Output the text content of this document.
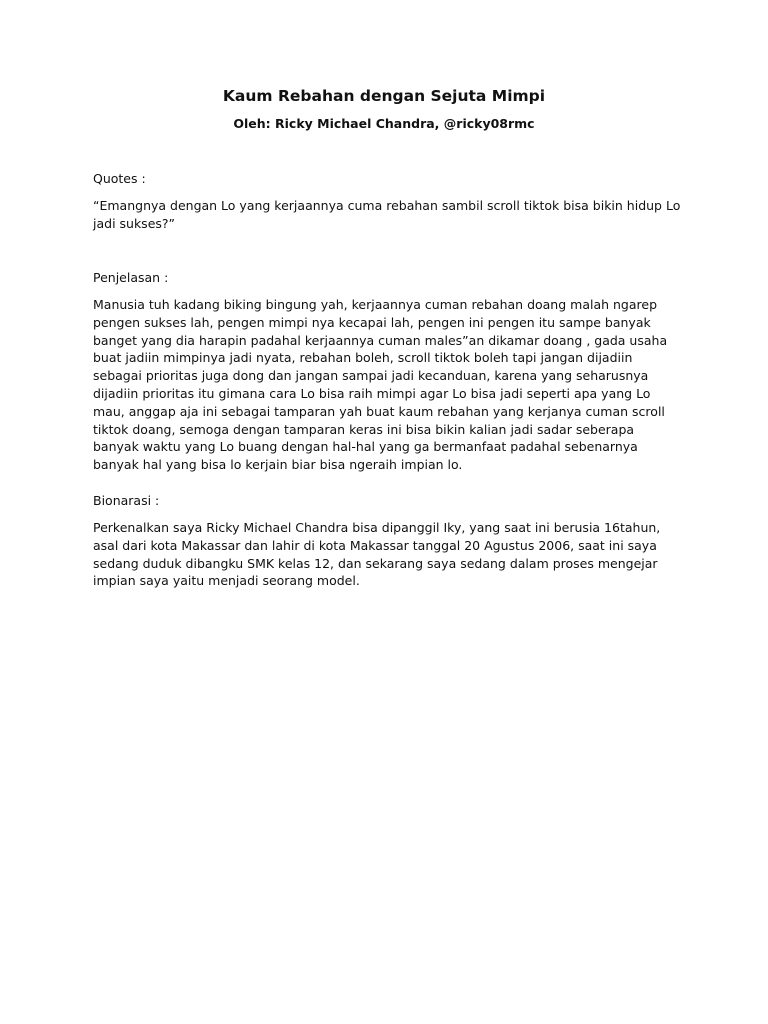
Kaum Rebahan dengan Sejuta Mimpi
Oleh: Ricky Michael Chandra, @ricky08rmc
Quotes :
“Emangnya dengan Lo yang kerjaannya cuma rebahan sambil scroll tiktok bisa bikin hidup Lo jadi sukses?”
Penjelasan :
Manusia tuh kadang biking bingung yah, kerjaannya cuman rebahan doang malah ngarep pengen sukses lah, pengen mimpi nya kecapai lah, pengen ini pengen itu sampe banyak banget yang dia harapin padahal kerjaannya cuman males”an dikamar doang , gada usaha buat jadiin mimpinya jadi nyata, rebahan boleh, scroll tiktok boleh tapi jangan dijadiin sebagai prioritas juga dong dan jangan sampai jadi kecanduan, karena yang seharusnya dijadiin prioritas itu gimana cara Lo bisa raih mimpi agar Lo bisa jadi seperti apa yang Lo mau, anggap aja ini sebagai tamparan yah buat kaum rebahan yang kerjanya cuman scroll tiktok doang, semoga dengan tamparan keras ini bisa bikin kalian jadi sadar seberapa banyak waktu yang Lo buang dengan hal-hal yang ga bermanfaat padahal sebenarnya banyak hal yang bisa lo kerjain biar bisa ngeraih impian lo.
Bionarasi :
Perkenalkan saya Ricky Michael Chandra bisa dipanggil Iky, yang saat ini berusia 16tahun, asal dari kota Makassar dan lahir di kota Makassar tanggal 20 Agustus 2006, saat ini saya sedang duduk dibangku SMK kelas 12, dan sekarang saya sedang dalam proses mengejar impian saya yaitu menjadi seorang model.
